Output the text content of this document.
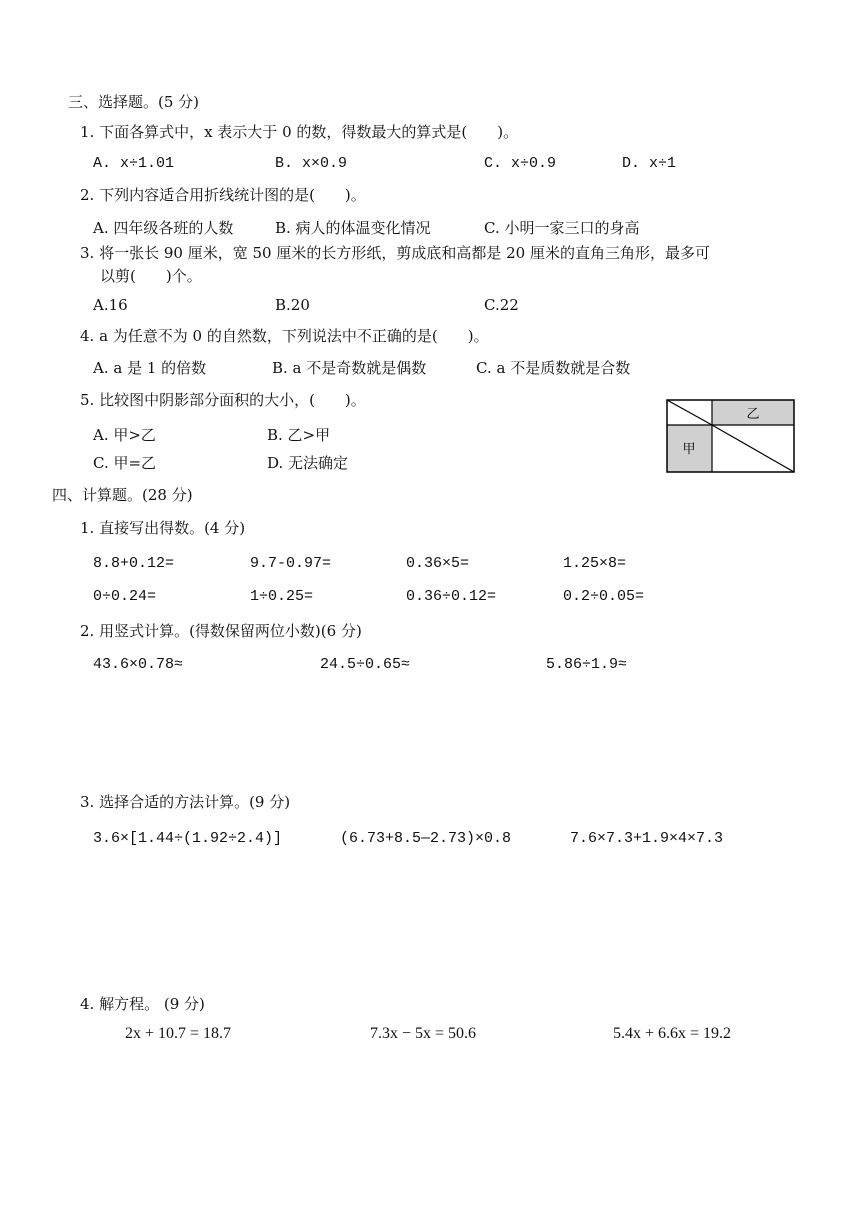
三、选择题。(5 分)
1. 下面各算式中，x 表示大于 0 的数，得数最大的算式是(　　)。
A. x÷1.01	B. x×0.9	C. x÷0.9	D. x÷1
2. 下列内容适合用折线统计图的是(　　)。
A. 四年级各班的人数	B. 病人的体温变化情况	C. 小明一家三口的身高
3. 将一张长 90 厘米，宽 50 厘米的长方形纸，剪成底和高都是 20 厘米的直角三角形，最多可
以剪(　　)个。
A.16	B.20	C.22
4. a 为任意不为 0 的自然数，下列说法中不正确的是(　　)。
A. a 是 1 的倍数	B. a 不是奇数就是偶数	C. a 不是质数就是合数
5. 比较图中阴影部分面积的大小，(　　)。
A. 甲>乙	B. 乙>甲
C. 甲=乙	D. 无法确定
乙
甲
四、计算题。(28 分)
1. 直接写出得数。(4 分)
8.8+0.12=	9.7-0.97=	0.36×5=	1.25×8=
0÷0.24=	1÷0.25=	0.36÷0.12=	0.2÷0.05=
2. 用竖式计算。(得数保留两位小数)(6 分)
43.6×0.78≈	24.5÷0.65≈	5.86÷1.9≈
3. 选择合适的方法计算。(9 分)
3.6×[1.44÷(1.92÷2.4)]	(6.73+8.5—2.73)×0.8	7.6×7.3+1.9×4×7.3
4. 解方程。 (9 分)
2x + 10.7 = 18.7	7.3x − 5x = 50.6	5.4x + 6.6x = 19.2
